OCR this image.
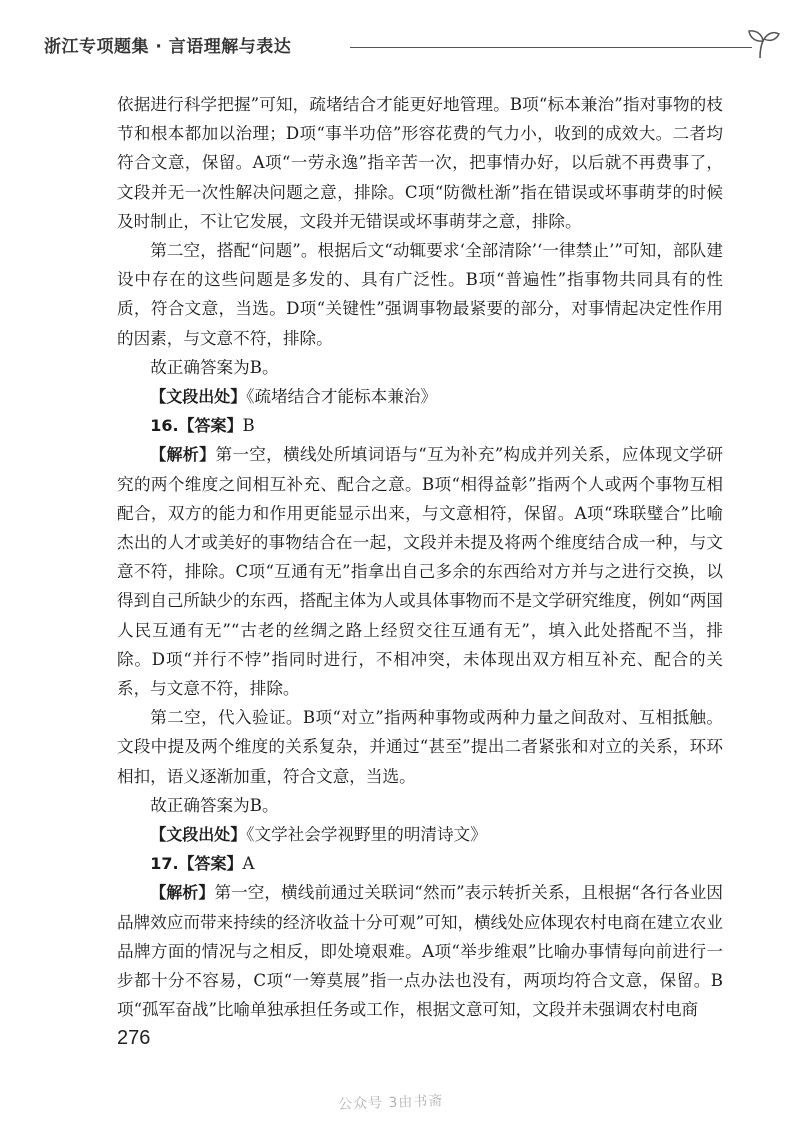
浙江专项题集 · 言语理解与表达

依据进行科学把握”可知，疏堵结合才能更好地管理。B项“标本兼治”指对事物的枝节和根本都加以治理；D项“事半功倍”形容花费的气力小，收到的成效大。二者均符合文意，保留。A项“一劳永逸”指辛苦一次，把事情办好，以后就不再费事了，文段并无一次性解决问题之意，排除。C项“防微杜渐”指在错误或坏事萌芽的时候及时制止，不让它发展，文段并无错误或坏事萌芽之意，排除。

第二空，搭配“问题”。根据后文“动辄要求‘全部清除’‘一律禁止’”可知，部队建设中存在的这些问题是多发的、具有广泛性。B项“普遍性”指事物共同具有的性质，符合文意，当选。D项“关键性”强调事物最紧要的部分，对事情起决定性作用的因素，与文意不符，排除。

故正确答案为B。

【文段出处】《疏堵结合才能标本兼治》

16.【答案】B

【解析】第一空，横线处所填词语与“互为补充”构成并列关系，应体现文学研究的两个维度之间相互补充、配合之意。B项“相得益彰”指两个人或两个事物互相配合，双方的能力和作用更能显示出来，与文意相符，保留。A项“珠联璧合”比喻杰出的人才或美好的事物结合在一起，文段并未提及将两个维度结合成一种，与文意不符，排除。C项“互通有无”指拿出自己多余的东西给对方并与之进行交换，以得到自己所缺少的东西，搭配主体为人或具体事物而不是文学研究维度，例如“两国人民互通有无”“古老的丝绸之路上经贸交往互通有无”，填入此处搭配不当，排除。D项“并行不悖”指同时进行，不相冲突，未体现出双方相互补充、配合的关系，与文意不符，排除。

第二空，代入验证。B项“对立”指两种事物或两种力量之间敌对、互相抵触。文段中提及两个维度的关系复杂，并通过“甚至”提出二者紧张和对立的关系，环环相扣，语义逐渐加重，符合文意，当选。

故正确答案为B。

【文段出处】《文学社会学视野里的明清诗文》

17.【答案】A

【解析】第一空，横线前通过关联词“然而”表示转折关系，且根据“各行各业因品牌效应而带来持续的经济收益十分可观”可知，横线处应体现农村电商在建立农业品牌方面的情况与之相反，即处境艰难。A项“举步维艰”比喻办事情每向前进行一步都十分不容易，C项“一筹莫展”指一点办法也没有，两项均符合文意，保留。B项“孤军奋战”比喻单独承担任务或工作，根据文意可知，文段并未强调农村电商

276
公众号 3由书斋
